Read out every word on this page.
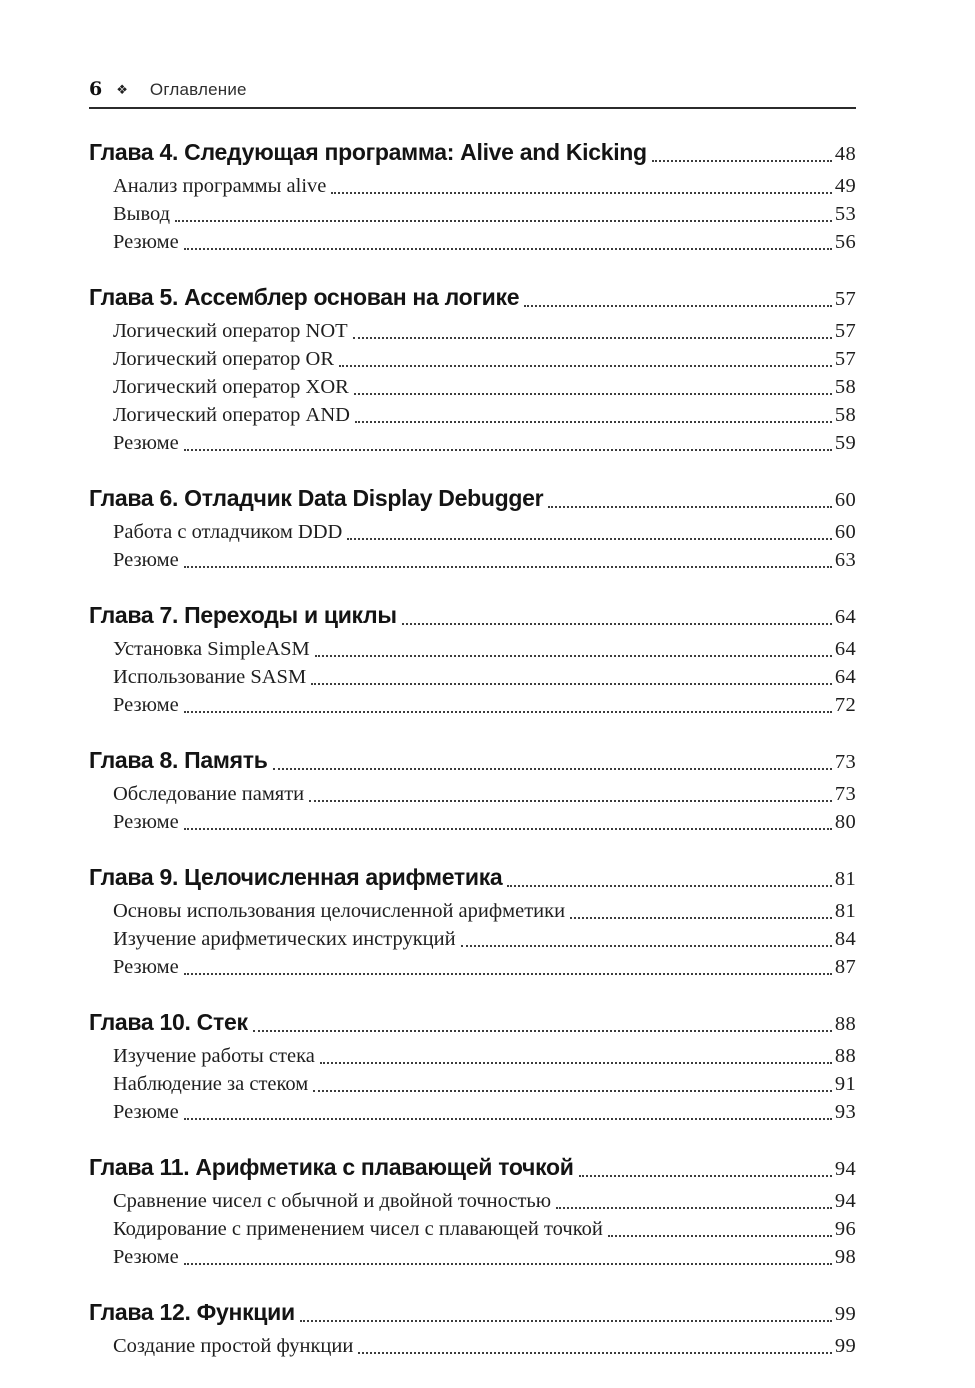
6 ❖ Оглавление
Глава 4. Следующая программа: Alive and Kicking	48
Анализ программы alive	49
Вывод	53
Резюме	56
Глава 5. Ассемблер основан на логике	57
Логический оператор NOT	57
Логический оператор OR	57
Логический оператор XOR	58
Логический оператор AND	58
Резюме	59
Глава 6. Отладчик Data Display Debugger	60
Работа с отладчиком DDD	60
Резюме	63
Глава 7. Переходы и циклы	64
Установка SimpleASM	64
Использование SASM	64
Резюме	72
Глава 8. Память	73
Обследование памяти	73
Резюме	80
Глава 9. Целочисленная арифметика	81
Основы использования целочисленной арифметики	81
Изучение арифметических инструкций	84
Резюме	87
Глава 10. Стек	88
Изучение работы стека	88
Наблюдение за стеком	91
Резюме	93
Глава 11. Арифметика с плавающей точкой	94
Сравнение чисел с обычной и двойной точностью	94
Кодирование с применением чисел с плавающей точкой	96
Резюме	98
Глава 12. Функции	99
Создание простой функции	99
